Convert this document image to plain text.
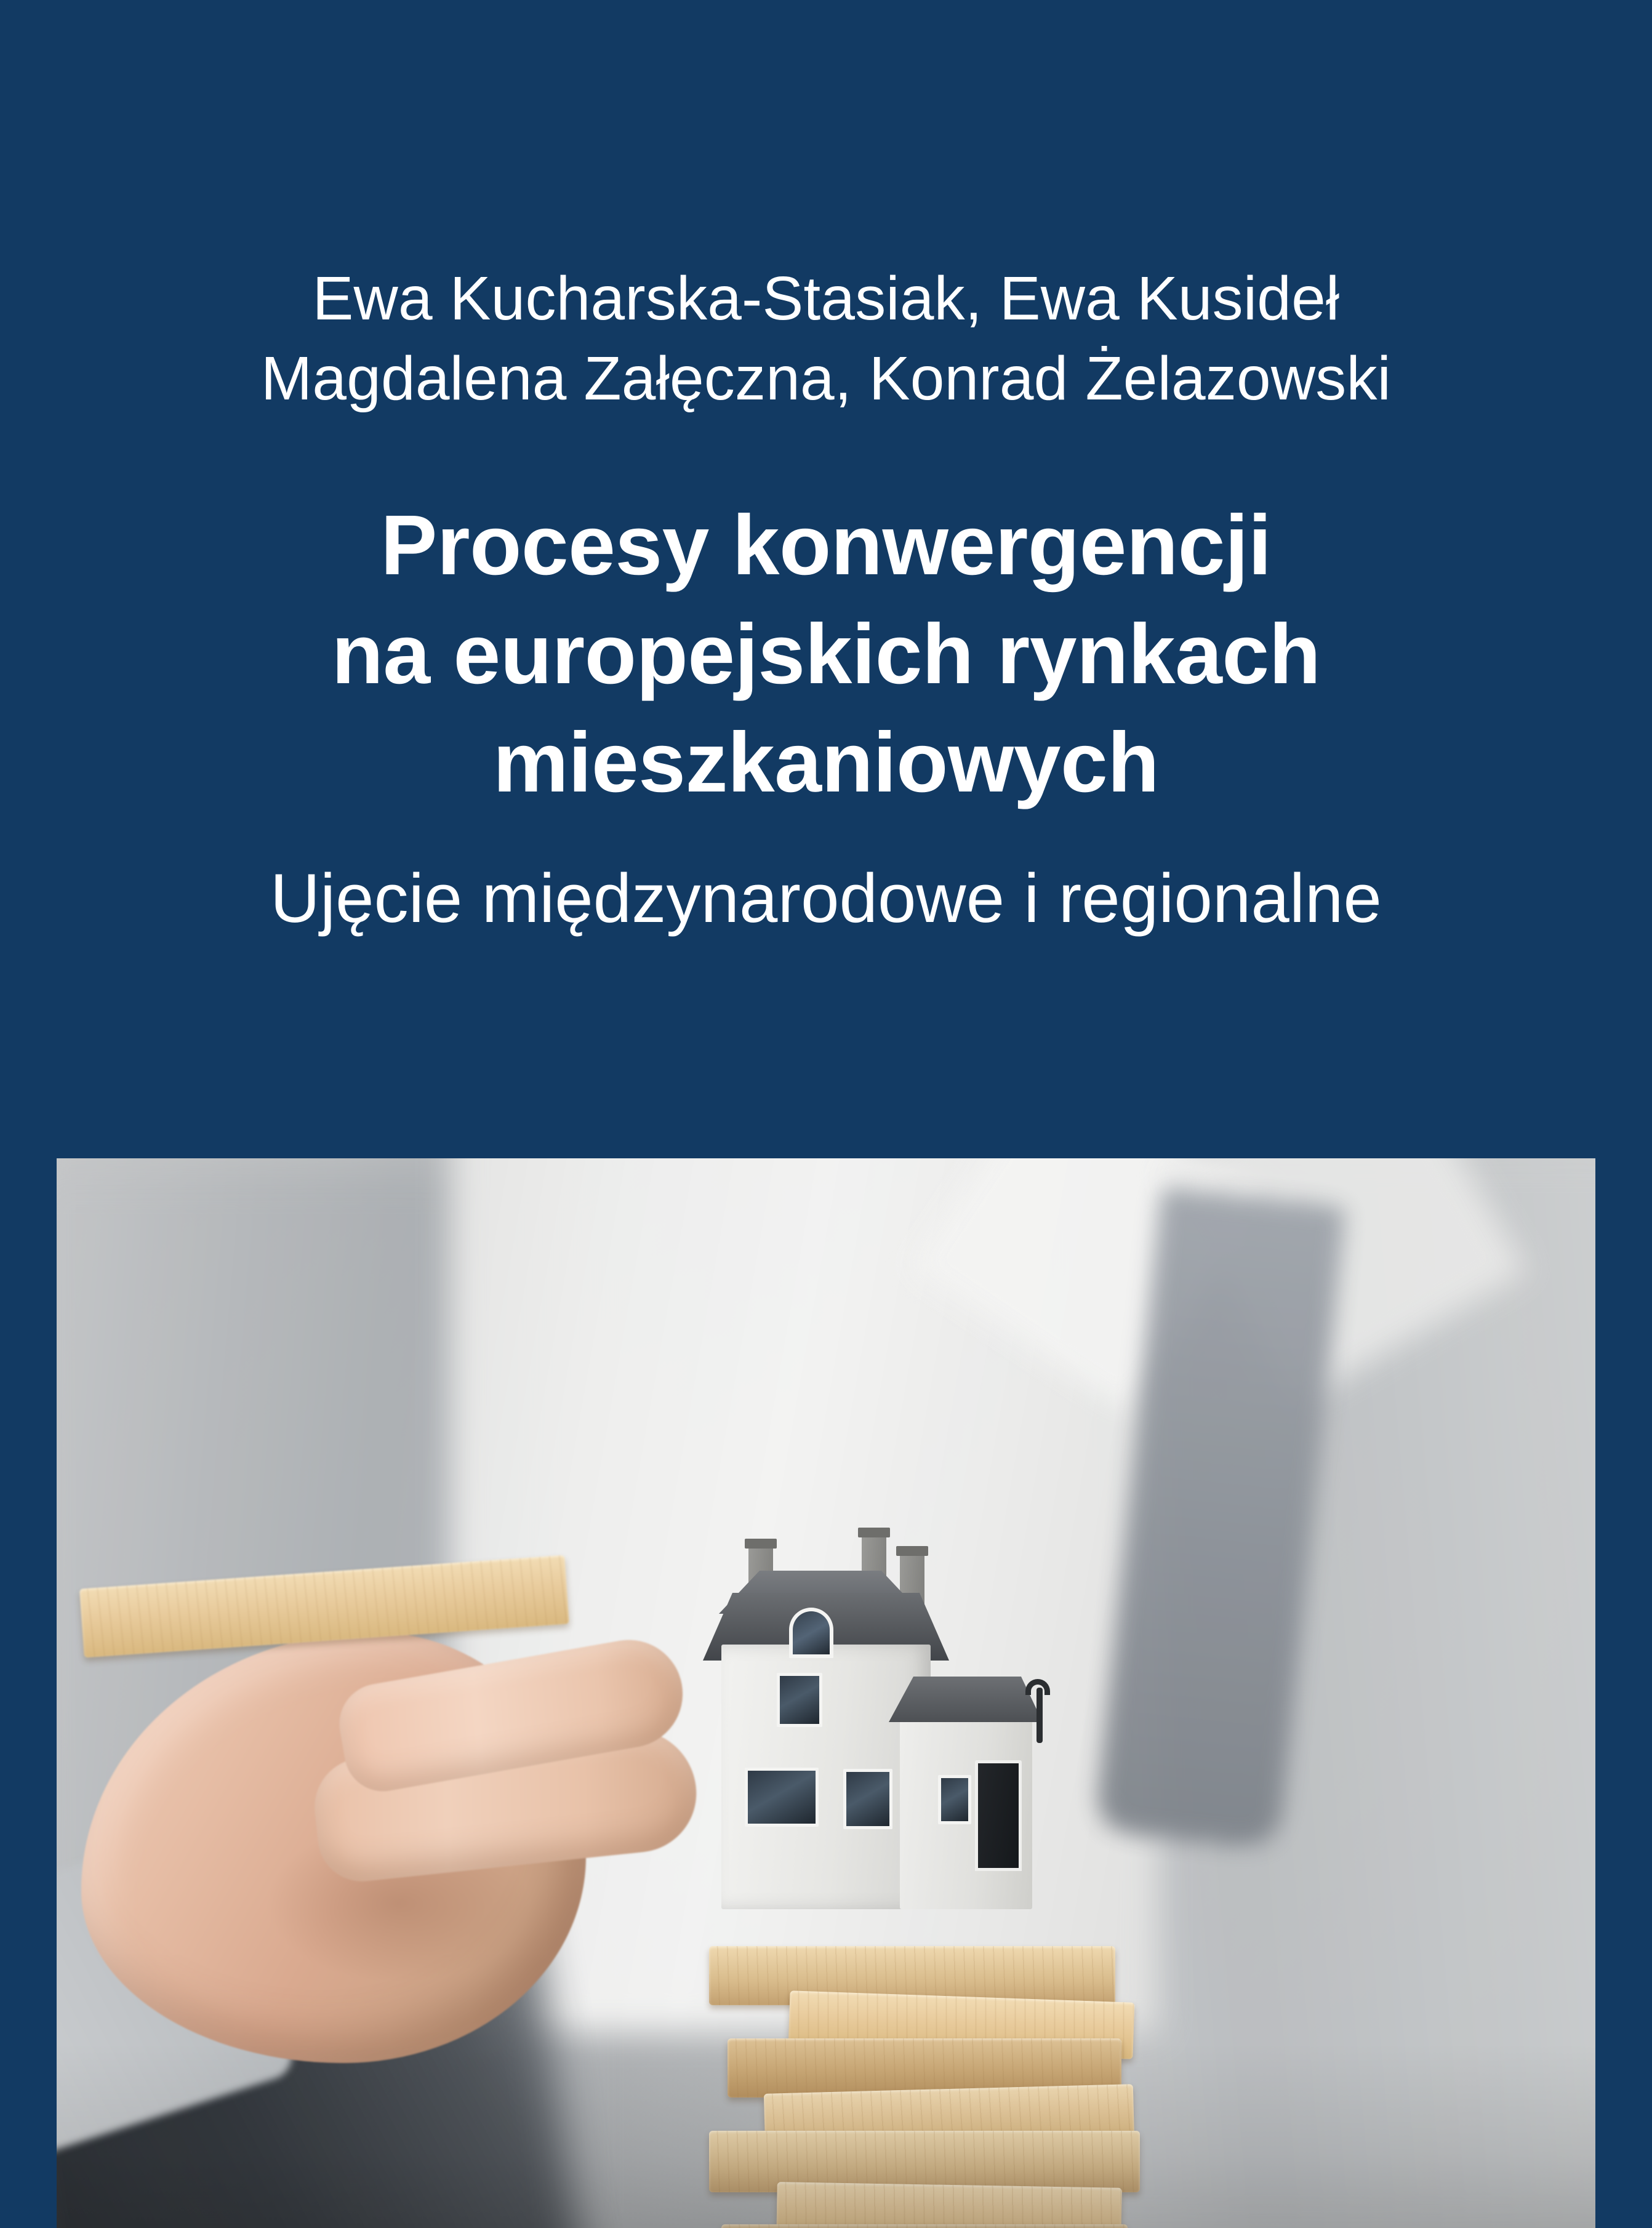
Ewa Kucharska-Stasiak, Ewa Kusideł
Magdalena Załęczna, Konrad Żelazowski
Procesy konwergencji
na europejskich rynkach
mieszkaniowych
Ujęcie międzynarodowe i regionalne
